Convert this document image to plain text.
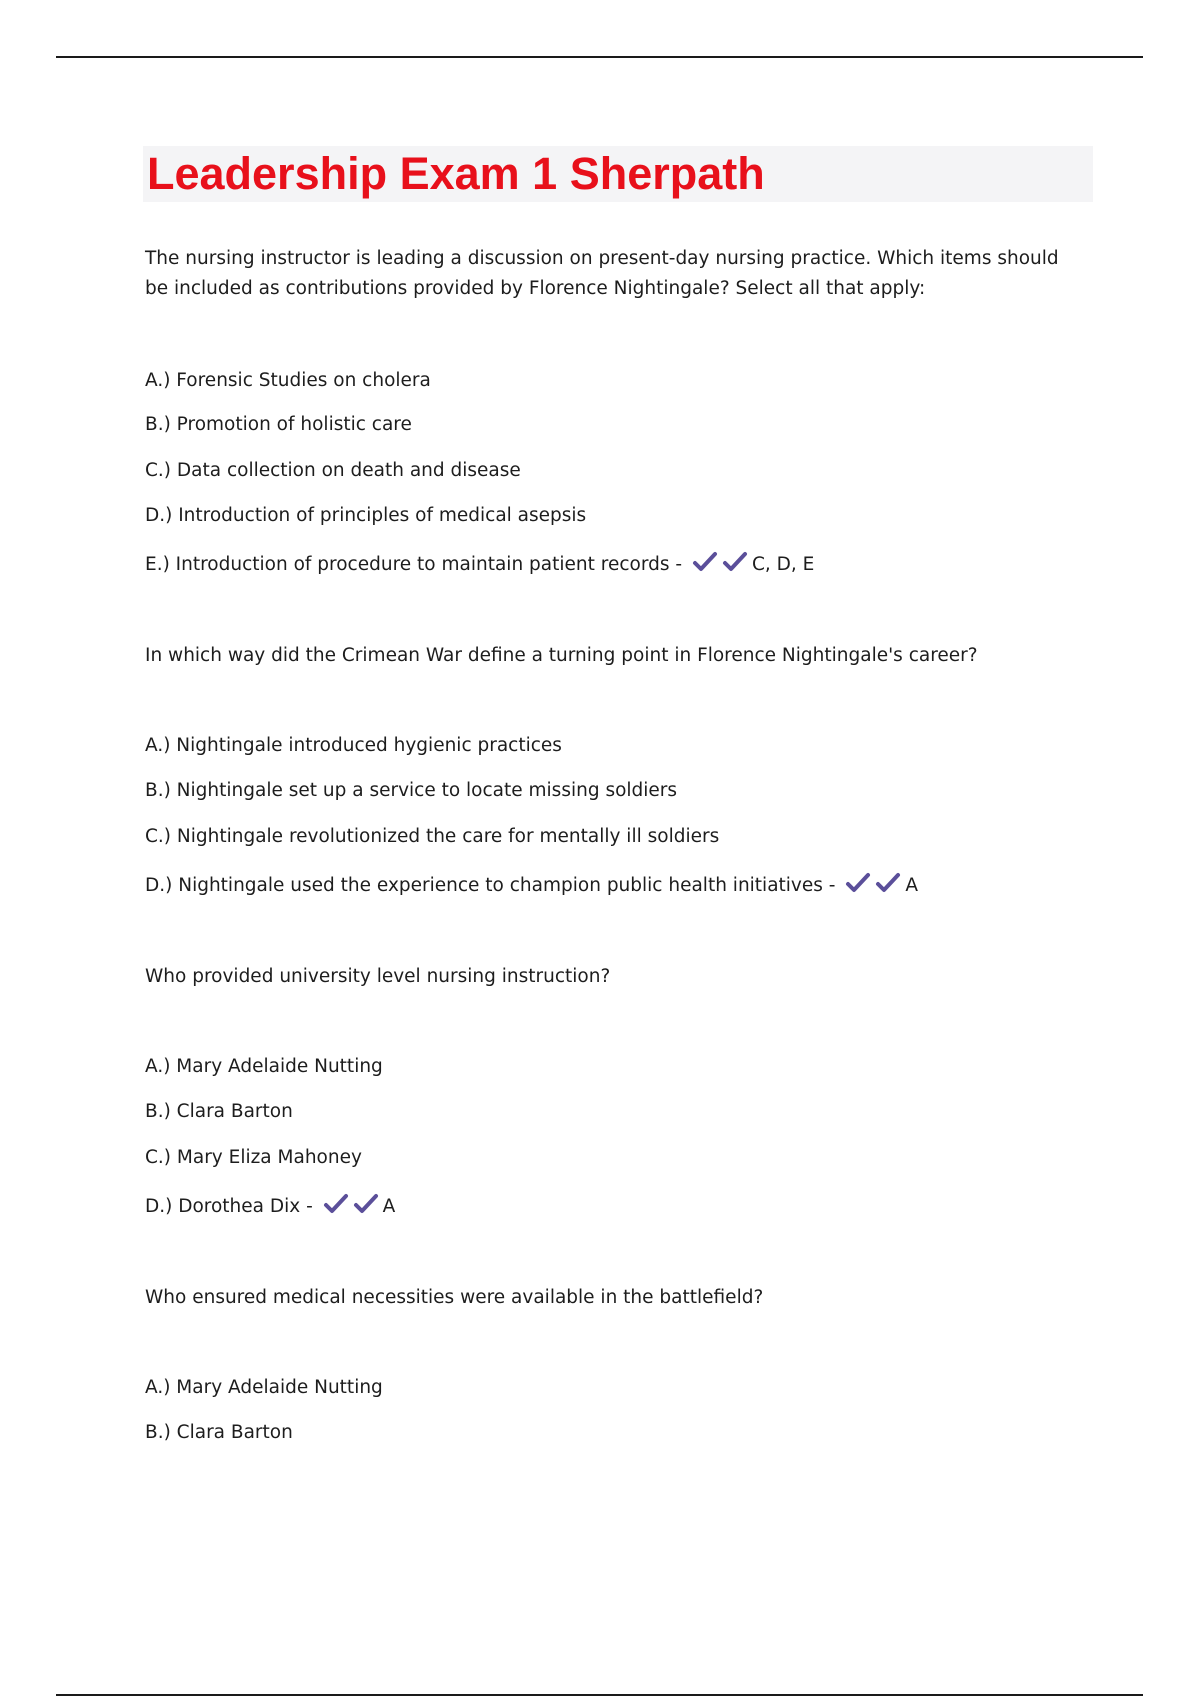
Leadership Exam 1 Sherpath

The nursing instructor is leading a discussion on present-day nursing practice. Which items should be included as contributions provided by Florence Nightingale? Select all that apply:

A.) Forensic Studies on cholera

B.) Promotion of holistic care

C.) Data collection on death and disease

D.) Introduction of principles of medical asepsis

E.) Introduction of procedure to maintain patient records -	C, D, E

In which way did the Crimean War define a turning point in Florence Nightingale's career?

A.) Nightingale introduced hygienic practices

B.) Nightingale set up a service to locate missing soldiers

C.) Nightingale revolutionized the care for mentally ill soldiers

D.) Nightingale used the experience to champion public health initiatives -	A

Who provided university level nursing instruction?

A.) Mary Adelaide Nutting

B.) Clara Barton

C.) Mary Eliza Mahoney

D.) Dorothea Dix -	A

Who ensured medical necessities were available in the battlefield?

A.) Mary Adelaide Nutting

B.) Clara Barton
